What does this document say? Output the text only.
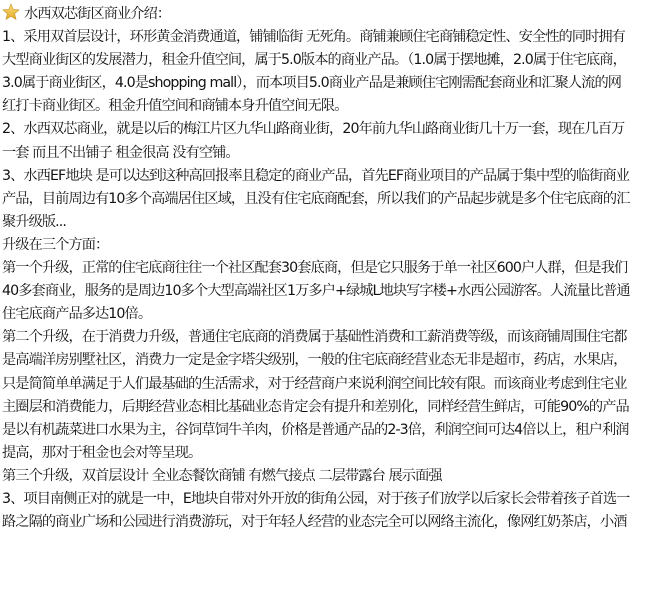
水西双芯街区商业介绍：
1、采用双首层设计，环形黄金消费通道，铺铺临街 无死角。商铺兼顾住宅商铺稳定性、安全性的同时拥有
大型商业街区的发展潜力，租金升值空间，属于5.0版本的商业产品。（1.0属于摆地摊，2.0属于住宅底商，
3.0属于商业街区，4.0是shopping mall），而本项目5.0商业产品是兼顾住宅刚需配套商业和汇聚人流的网
红打卡商业街区。租金升值空间和商铺本身升值空间无限。
2、水西双芯商业，就是以后的梅江片区九华山路商业街，20年前九华山路商业街几十万一套，现在几百万
一套 而且不出铺子 租金很高 没有空铺。
3、水西EF地块 是可以达到这种高回报率且稳定的商业产品，首先EF商业项目的产品属于集中型的临街商业
产品，目前周边有10多个高端居住区域，且没有住宅底商配套，所以我们的产品起步就是多个住宅底商的汇
聚升级版...
升级在三个方面：
第一个升级，正常的住宅底商往往一个社区配套30套底商，但是它只服务于单一社区600户人群，但是我们
40多套商业，服务的是周边10多个大型高端社区1万多户+绿城L地块写字楼+水西公园游客。人流量比普通
住宅底商产品多达10倍。
第二个升级，在于消费力升级，普通住宅底商的消费属于基础性消费和工薪消费等级，而该商铺周围住宅都
是高端洋房别墅社区，消费力一定是金字塔尖级别，一般的住宅底商经营业态无非是超市，药店，水果店，
只是简简单单满足于人们最基础的生活需求，对于经营商户来说利润空间比较有限。而该商业考虑到住宅业
主圈层和消费能力，后期经营业态相比基础业态肯定会有提升和差别化，同样经营生鲜店，可能90%的产品
是以有机蔬菜进口水果为主，谷饲草饲牛羊肉，价格是普通产品的2-3倍，利润空间可达4倍以上，租户利润
提高，那对于租金也会对等呈现。
第三个升级，双首层设计 全业态餐饮商铺 有燃气接点 二层带露台 展示面强
3、项目南侧正对的就是一中，E地块自带对外开放的街角公园，对于孩子们放学以后家长会带着孩子首选一
路之隔的商业广场和公园进行消费游玩，对于年轻人经营的业态完全可以网络主流化，像网红奶茶店，小酒
